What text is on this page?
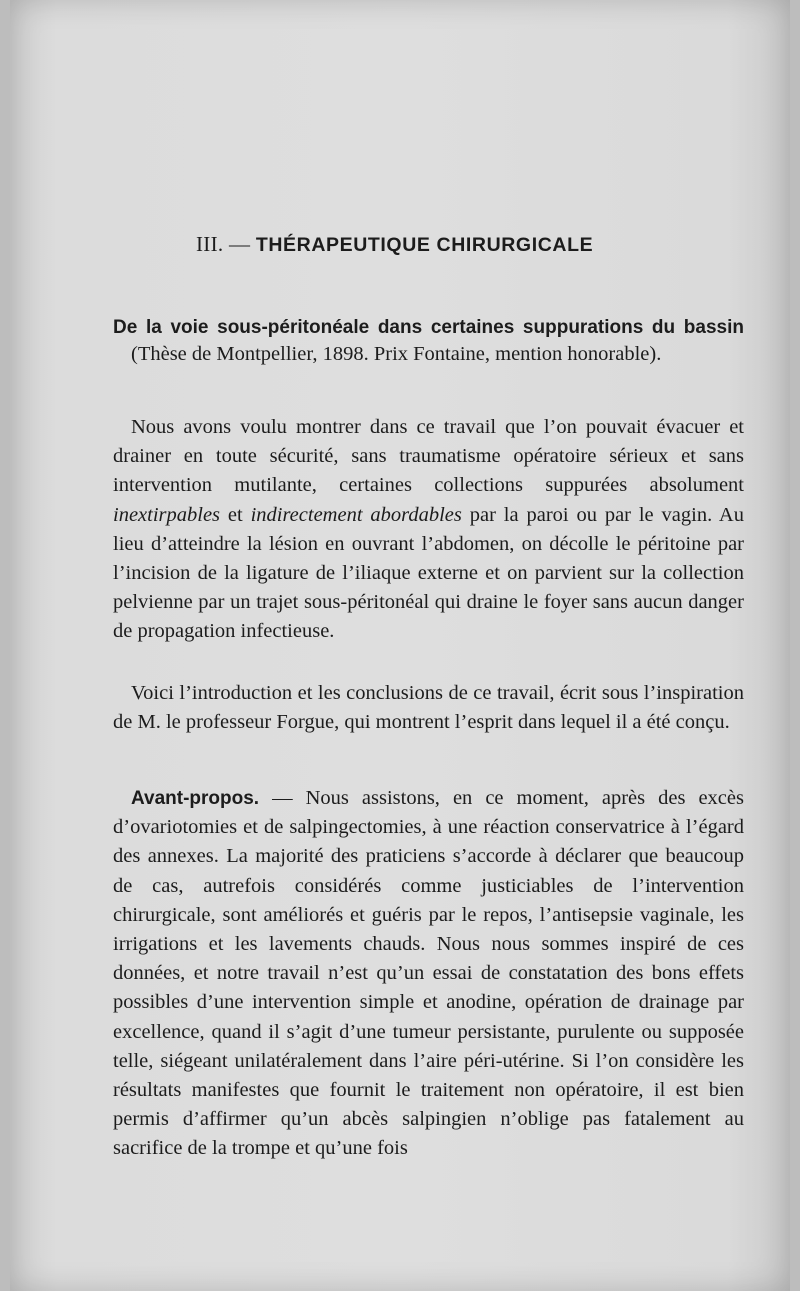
III. — THÉRAPEUTIQUE CHIRURGICALE
De la voie sous-péritonéale dans certaines suppurations du bassin (Thèse de Montpellier, 1898. Prix Fontaine, mention honorable).
Nous avons voulu montrer dans ce travail que l’on pouvait évacuer et drainer en toute sécurité, sans traumatisme opératoire sérieux et sans intervention mutilante, certaines collections suppurées absolument inextirpables et indirectement abordables par la paroi ou par le vagin. Au lieu d’atteindre la lésion en ouvrant l’abdomen, on décolle le péritoine par l’incision de la ligature de l’iliaque externe et on parvient sur la collection pelvienne par un trajet sous-péritonéal qui draine le foyer sans aucun danger de propagation infectieuse.
Voici l’introduction et les conclusions de ce travail, écrit sous l’inspiration de M. le professeur Forgue, qui montrent l’esprit dans lequel il a été conçu.
Avant-propos. — Nous assistons, en ce moment, après des excès d’ovariotomies et de salpingectomies, à une réaction conservatrice à l’égard des annexes. La majorité des praticiens s’accorde à déclarer que beaucoup de cas, autrefois considérés comme justiciables de l’intervention chirurgicale, sont améliorés et guéris par le repos, l’antisepsie vaginale, les irrigations et les lavements chauds. Nous nous sommes inspiré de ces données, et notre travail n’est qu’un essai de constatation des bons effets possibles d’une intervention simple et anodine, opération de drainage par excellence, quand il s’agit d’une tumeur persistante, purulente ou supposée telle, siégeant unilatéralement dans l’aire péri-utérine. Si l’on considère les résultats manifestes que fournit le traitement non opératoire, il est bien permis d’affirmer qu’un abcès salpingien n’oblige pas fatalement au sacrifice de la trompe et qu’une fois
